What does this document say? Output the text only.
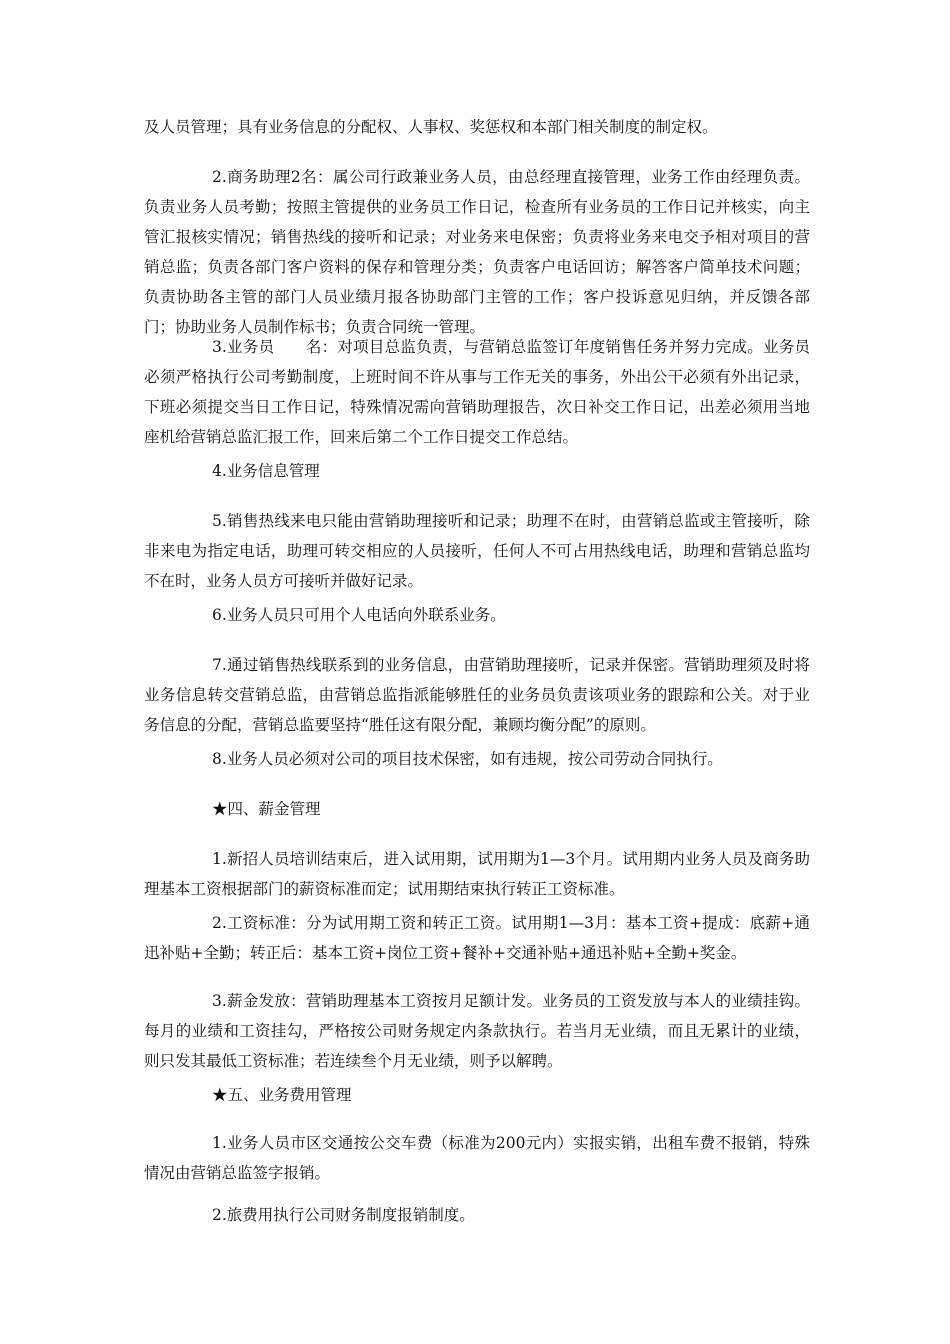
及人员管理；具有业务信息的分配权、人事权、奖惩权和本部门相关制度的制定权。

2.商务助理2名：属公司行政兼业务人员，由总经理直接管理，业务工作由经理负责。负责业务人员考勤；按照主管提供的业务员工作日记，检查所有业务员的工作日记并核实，向主管汇报核实情况；销售热线的接听和记录；对业务来电保密；负责将业务来电交予相对项目的营销总监；负责各部门客户资料的保存和管理分类；负责客户电话回访；解答客户简单技术问题；负责协助各主管的部门人员业绩月报各协助部门主管的工作；客户投诉意见归纳，并反馈各部门；协助业务人员制作标书；负责合同统一管理。

3.业务员　　名：对项目总监负责，与营销总监签订年度销售任务并努力完成。业务员必须严格执行公司考勤制度，上班时间不许从事与工作无关的事务，外出公干必须有外出记录，下班必须提交当日工作日记，特殊情况需向营销助理报告，次日补交工作日记，出差必须用当地座机给营销总监汇报工作，回来后第二个工作日提交工作总结。

4.业务信息管理

5.销售热线来电只能由营销助理接听和记录；助理不在时，由营销总监或主管接听，除非来电为指定电话，助理可转交相应的人员接听，任何人不可占用热线电话，助理和营销总监均不在时，业务人员方可接听并做好记录。

6.业务人员只可用个人电话向外联系业务。

7.通过销售热线联系到的业务信息，由营销助理接听，记录并保密。营销助理须及时将业务信息转交营销总监，由营销总监指派能够胜任的业务员负责该项业务的跟踪和公关。对于业务信息的分配，营销总监要坚持“胜任这有限分配，兼顾均衡分配”的原则。

8.业务人员必须对公司的项目技术保密，如有违规，按公司劳动合同执行。

★四、薪金管理

1.新招人员培训结束后，进入试用期，试用期为1—3个月。试用期内业务人员及商务助理基本工资根据部门的薪资标准而定；试用期结束执行转正工资标准。

2.工资标准：分为试用期工资和转正工资。试用期1—3月：基本工资+提成：底薪+通迅补贴+全勤；转正后：基本工资+岗位工资+餐补+交通补贴+通迅补贴+全勤+奖金。

3.薪金发放：营销助理基本工资按月足额计发。业务员的工资发放与本人的业绩挂钩。每月的业绩和工资挂勾，严格按公司财务规定内条款执行。若当月无业绩，而且无累计的业绩，则只发其最低工资标准；若连续叁个月无业绩，则予以解聘。

★五、业务费用管理

1.业务人员市区交通按公交车费（标准为200元内）实报实销，出租车费不报销，特殊情况由营销总监签字报销。

2.旅费用执行公司财务制度报销制度。
